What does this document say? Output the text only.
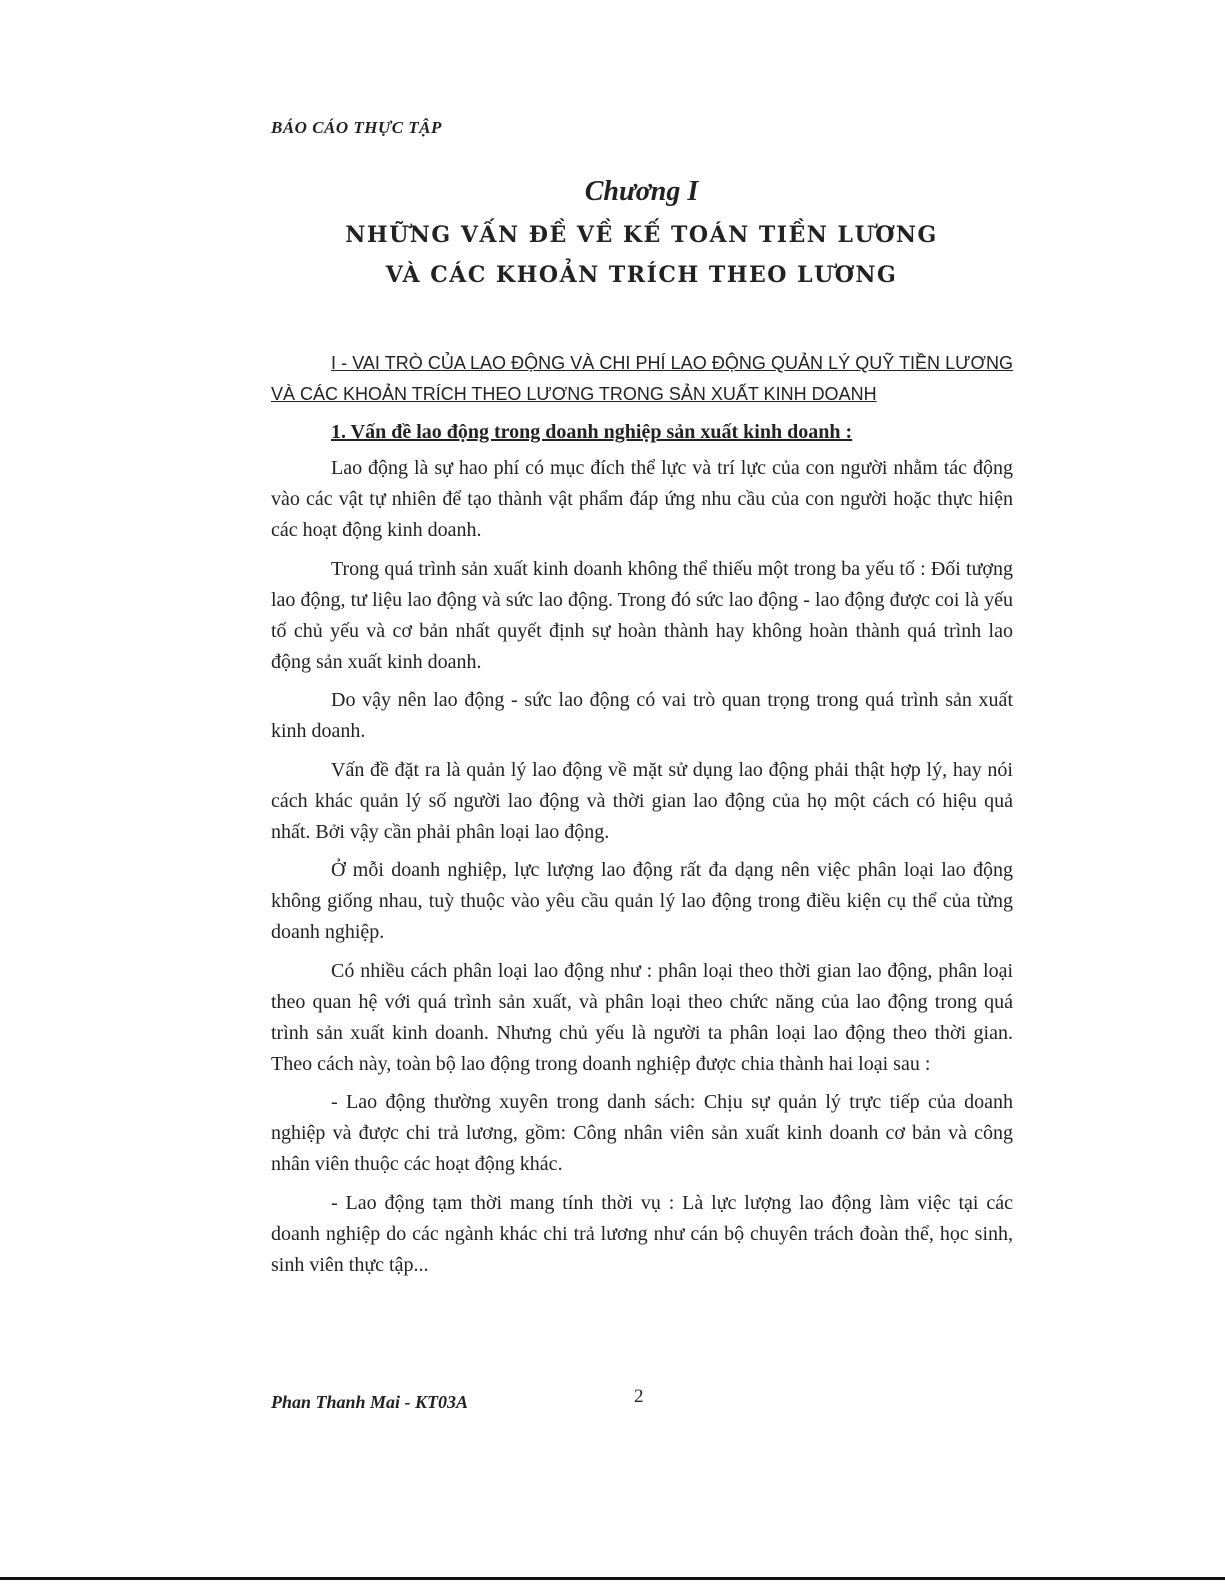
BÁO CÁO THỰC TẬP
Chương I
NHỮNG VẤN ĐỀ VỀ KẾ TOÁN TIỀN LƯƠNG
VÀ CÁC KHOẢN TRÍCH THEO LƯƠNG
I - VAI TRÒ CỦA LAO ĐỘNG VÀ CHI PHÍ LAO ĐỘNG QUẢN LÝ QUỸ TIỀN LƯƠNG VÀ CÁC KHOẢN TRÍCH THEO LƯƠNG TRONG SẢN XUẤT KINH DOANH
1. Vấn đề lao động trong doanh nghiệp sản xuất kinh doanh :

Lao động là sự hao phí có mục đích thể lực và trí lực của con người nhằm tác động vào các vật tự nhiên để tạo thành vật phẩm đáp ứng nhu cầu của con người hoặc thực hiện các hoạt động kinh doanh.

Trong quá trình sản xuất kinh doanh không thể thiếu một trong ba yếu tố : Đối tượng lao động, tư liệu lao động và sức lao động. Trong đó sức lao động - lao động được coi là yếu tố chủ yếu và cơ bản nhất quyết định sự hoàn thành hay không hoàn thành quá trình lao động sản xuất kinh doanh.

Do vậy nên lao động - sức lao động có vai trò quan trọng trong quá trình sản xuất kinh doanh.

Vấn đề đặt ra là quản lý lao động về mặt sử dụng lao động phải thật hợp lý, hay nói cách khác quản lý số người lao động và thời gian lao động của họ một cách có hiệu quả nhất. Bởi vậy cần phải phân loại lao động.

Ở mỗi doanh nghiệp, lực lượng lao động rất đa dạng nên việc phân loại lao động không giống nhau, tuỳ thuộc vào yêu cầu quản lý lao động trong điều kiện cụ thể của từng doanh nghiệp.

Có nhiều cách phân loại lao động như : phân loại theo thời gian lao động, phân loại theo quan hệ với quá trình sản xuất, và phân loại theo chức năng của lao động trong quá trình sản xuất kinh doanh. Nhưng chủ yếu là người ta phân loại lao động theo thời gian. Theo cách này, toàn bộ lao động trong doanh nghiệp được chia thành hai loại sau :

- Lao động thường xuyên trong danh sách: Chịu sự quản lý trực tiếp của doanh nghiệp và được chi trả lương, gồm: Công nhân viên sản xuất kinh doanh cơ bản và công nhân viên thuộc các hoạt động khác.

- Lao động tạm thời mang tính thời vụ : Là lực lượng lao động làm việc tại các doanh nghiệp do các ngành khác chi trả lương như cán bộ chuyên trách đoàn thể, học sinh, sinh viên thực tập...

Phan Thanh Mai - KT03A	2
